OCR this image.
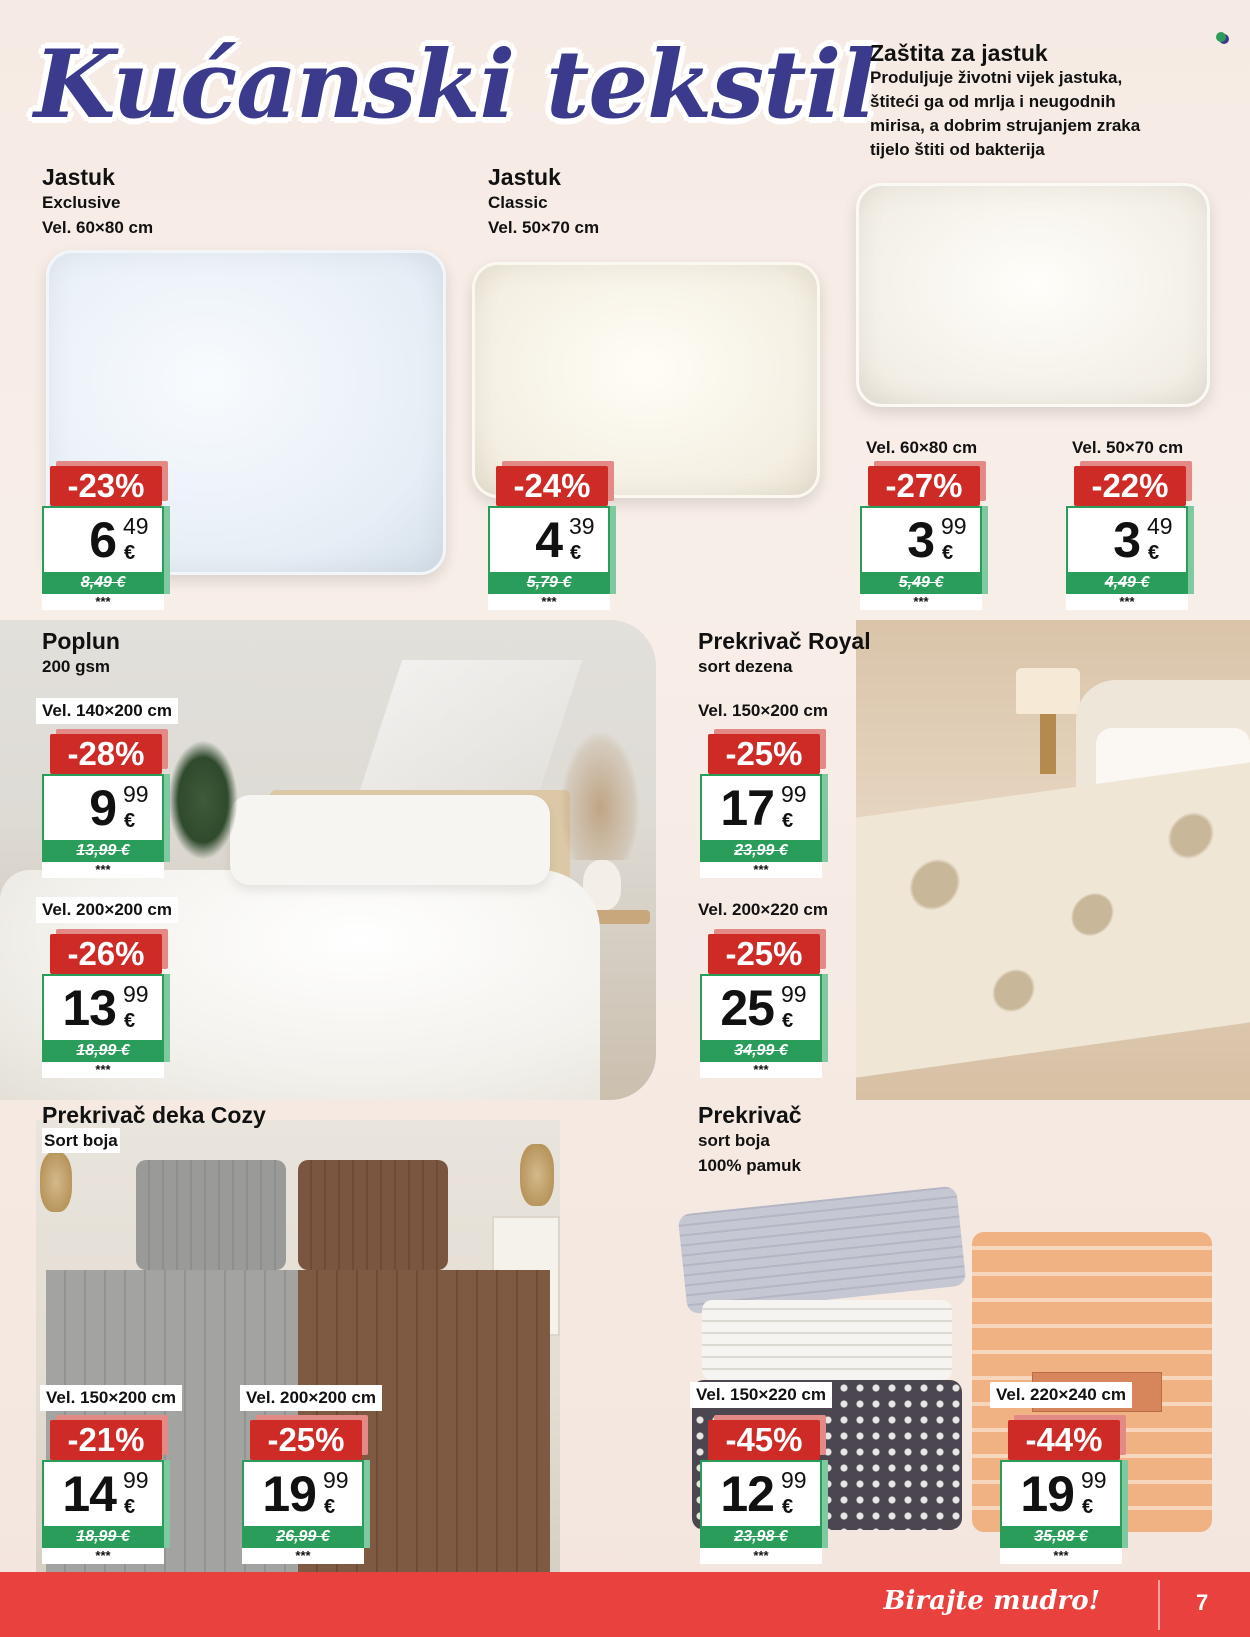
Kućanski tekstil
Zaštita za jastuk
Produljuje životni vijek jastuka,
štiteći ga od mrlja i neugodnih
mirisa, a dobrim strujanjem zraka
tijelo štiti od bakterija
Jastuk
Exclusive
Vel. 60×80 cm
Jastuk
Classic
Vel. 50×70 cm
-23%
6 49
€
8,49 €
***
-24%
4 39
€
5,79 €
***
Vel. 60×80 cm	Vel. 50×70 cm
-27%
3 99
€
5,49 €
***
-22%
3 49
€
4,49 €
***
Poplun
200 gsm
Vel. 140×200 cm
-28%
9 99
€
13,99 €
***
Vel. 200×200 cm
-26%
13 99
€
18,99 €
***
Prekrivač Royal
sort dezena
Vel. 150×200 cm
-25%
17 99
€
23,99 €
***
Vel. 200×220 cm
-25%
25 99
€
34,99 €
***
Prekrivač deka Cozy
Sort boja
Vel. 150×200 cm	Vel. 200×200 cm
-21%
14 99
€
18,99 €
***
-25%
19 99
€
26,99 €
***
Prekrivač
sort boja
100% pamuk
Vel. 150×220 cm	Vel. 220×240 cm
-45%
12 99
€
23,98 €
***
-44%
19 99
€
35,98 €
***
Birajte mudro!	7
